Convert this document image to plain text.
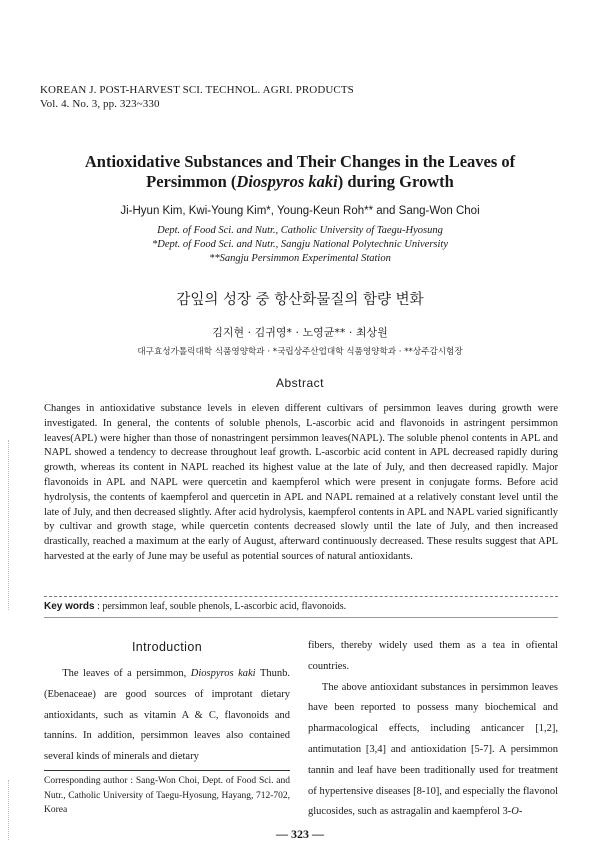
KOREAN J. POST-HARVEST SCI. TECHNOL. AGRI. PRODUCTS
Vol. 4. No. 3, pp. 323~330
Antioxidative Substances and Their Changes in the Leaves of
Persimmon (Diospyros kaki) during Growth
Ji-Hyun Kim, Kwi-Young Kim*, Young-Keun Roh** and Sang-Won Choi
Dept. of Food Sci. and Nutr., Catholic University of Taegu-Hyosung
*Dept. of Food Sci. and Nutr., Sangju National Polytechnic University
**Sangju Persimmon Experimental Station
감잎의 성장 중 항산화물질의 함량 변화
김지현 · 김귀영* · 노영균** · 최상원
대구효성가톨릭대학 식품영양학과 · *국립상주산업대학 식품영양학과 · **상주감시험장
Abstract

Changes in antioxidative substance levels in eleven different cultivars of persimmon leaves during growth were investigated. In general, the contents of soluble phenols, L-ascorbic acid and flavonoids in astringent persimmon leaves(APL) were higher than those of nonastringent persimmon leaves(NAPL). The soluble phenol contents in APL and NAPL showed a tendency to decrease throughout leaf growth. L-ascorbic acid content in APL decreased rapidly during growth, whereas its content in NAPL reached its highest value at the late of July, and then decreased rapidly. Major flavonoids in APL and NAPL were quercetin and kaempferol which were present in conjugate forms. Before acid hydrolysis, the contents of kaempferol and quercetin in APL and NAPL remained at a relatively constant level until the late of July, and then decreased slightly. After acid hydrolysis, kaempferol contents in APL and NAPL varied significantly by cultivar and growth stage, while quercetin contents decreased slowly until the late of July, and then increased drastically, reached a maximum at the early of August, afterward continuously decreased. These results suggest that APL harvested at the early of June may be useful as potential sources of natural antioxidants.

Key words : persimmon leaf, souble phenols, L-ascorbic acid, flavonoids.
Introduction

The leaves of a persimmon, Diospyros kaki Thunb. (Ebenaceae) are good sources of improtant dietary antioxidants, such as vitamin A & C, flavonoids and tannins. In addition, persimmon leaves also contained several kinds of minerals and dietary

fibers, thereby widely used them as a tea in ofiental countries.

The above antioxidant substances in persimmon leaves have been reported to possess many biochemical and pharmacological effects, including anticancer [1,2], antimutation [3,4] and antioxidation [5-7]. A persimmon tannin and leaf have been traditionally used for treatment of hypertensive diseases [8-10], and especially the flavonol glucosides, such as astragalin and kaempferol 3-O-

Corresponding author : Sang-Won Choi, Dept. of Food Sci. and Nutr., Catholic University of Taegu-Hyosung, Hayang, 712-702, Korea
— 323 —
